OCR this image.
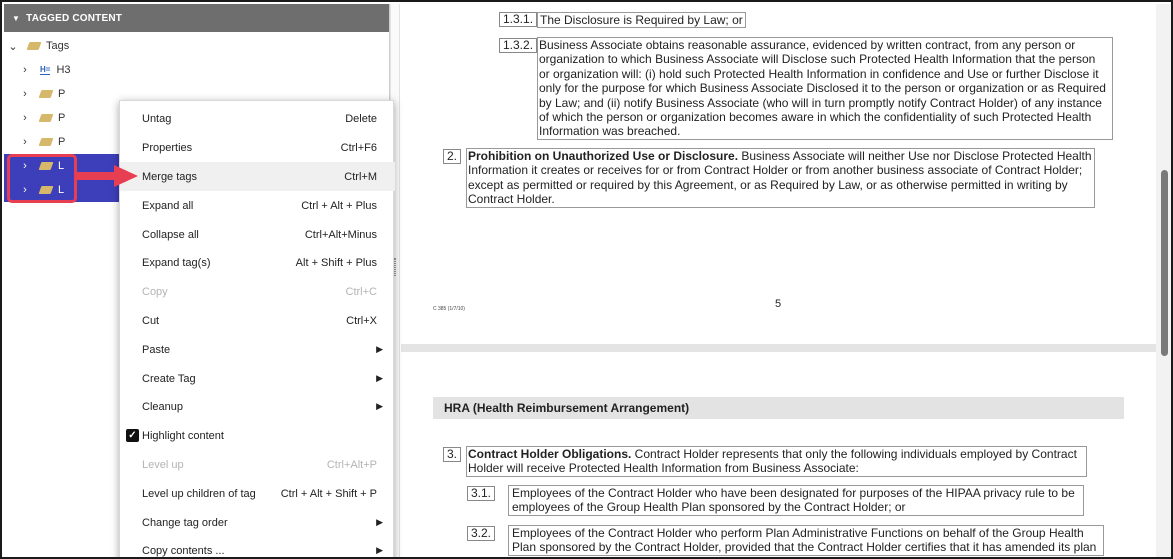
▼ TAGGED CONTENT
⌄	Tags
›	H= H3
›	P
›	P
›	P
›	L
›	L
Untag	Delete
Properties	Ctrl+F6
Merge tags	Ctrl+M
Expand all	Ctrl + Alt + Plus
Collapse all	Ctrl+Alt+Minus
Expand tag(s)	Alt + Shift + Plus
Copy	Ctrl+C
Cut	Ctrl+X
Paste	▶
Create Tag	▶
Cleanup	▶
✓ Highlight content
Level up	Ctrl+Alt+P
Level up children of tag	Ctrl + Alt + Shift + P
Change tag order	▶
Copy contents ...	▶
1.3.1. The Disclosure is Required by Law; or
1.3.2. Business Associate obtains reasonable assurance, evidenced by written contract, from any person or
organization to which Business Associate will Disclose such Protected Health Information that the person
or organization will: (i) hold such Protected Health Information in confidence and Use or further Disclose it
only for the purpose for which Business Associate Disclosed it to the person or organization or as Required
by Law; and (ii) notify Business Associate (who will in turn promptly notify Contract Holder) of any instance
of which the person or organization becomes aware in which the confidentiality of such Protected Health
Information was breached.
2. Prohibition on Unauthorized Use or Disclosure. Business Associate will neither Use nor Disclose Protected Health
Information it creates or receives for or from Contract Holder or from another business associate of Contract Holder;
except as permitted or required by this Agreement, or as Required by Law, or as otherwise permitted in writing by
Contract Holder.
C 385 (1/7/10)	5
HRA (Health Reimbursement Arrangement)
3. Contract Holder Obligations. Contract Holder represents that only the following individuals employed by Contract
Holder will receive Protected Health Information from Business Associate:
3.1.	Employees of the Contract Holder who have been designated for purposes of the HIPAA privacy rule to be
employees of the Group Health Plan sponsored by the Contract Holder; or
3.2.	Employees of the Contract Holder who perform Plan Administrative Functions on behalf of the Group Health
Plan sponsored by the Contract Holder, provided that the Contract Holder certifies that it has amended its plan
